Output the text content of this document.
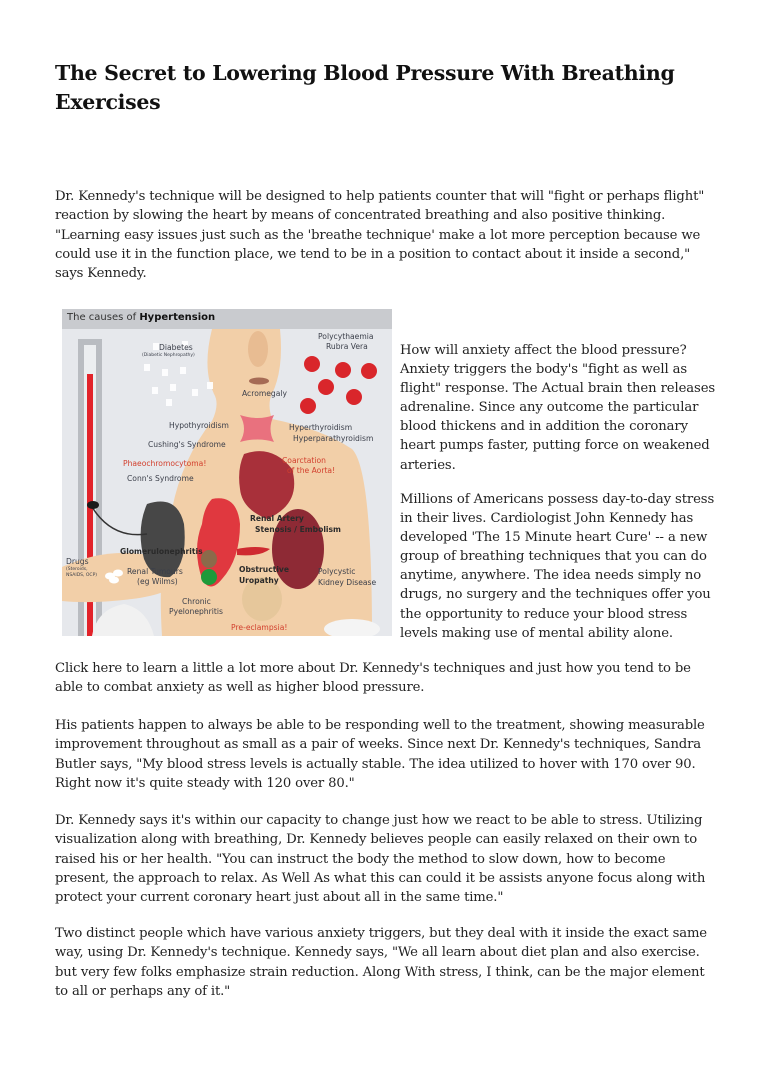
The Secret to Lowering Blood Pressure With Breathing Exercises

Dr. Kennedy's technique will be designed to help patients counter that will "fight or perhaps flight" reaction by slowing the heart by means of concentrated breathing and also positive thinking. "Learning easy issues just such as the 'breathe technique' make a lot more perception because we could use it in the function place, we tend to be in a position to contact about it inside a second," says Kennedy.

The causes of Hypertension
Diabetes
(Diabetic Nephropathy)
Polycythaemia
Rubra Vera
Acromegaly
Hypothyroidism	Hyperthyroidism
Hyperparathyroidism
Cushing's Syndrome
Phaeochromocytoma!	Coarctation
of the Aorta!
Conn's Syndrome
Renal Artery
Stenosis / Embolism
Glomerulonephritis
Drugs
(Steroids,
NSAIDS, OCP)	Renal Tumours
(eg Wilms)
Obstructive
Uropathy
Polycystic
Kidney Disease
Chronic
Pyelonephritis
Pre-eclampsia!

How will anxiety affect the blood pressure? Anxiety triggers the body's "fight as well as flight" response. The Actual brain then releases adrenaline. Since any outcome the particular blood thickens and in addition the coronary heart pumps faster, putting force on weakened arteries.

Millions of Americans possess day-to-day stress in their lives. Cardiologist John Kennedy has developed 'The 15 Minute heart Cure' -- a new group of breathing techniques that you can do anytime, anywhere. The idea needs simply no drugs, no surgery and the techniques offer you the opportunity to reduce your blood stress levels making use of mental ability alone.

Click here to learn a little a lot more about Dr. Kennedy's techniques and just how you tend to be able to combat anxiety as well as higher blood pressure.

His patients happen to always be able to be responding well to the treatment, showing measurable improvement throughout as small as a pair of weeks. Since next Dr. Kennedy's techniques, Sandra Butler says, "My blood stress levels is actually stable. The idea utilized to hover with 170 over 90. Right now it's quite steady with 120 over 80."

Dr. Kennedy says it's within our capacity to change just how we react to be able to stress. Utilizing visualization along with breathing, Dr. Kennedy believes people can easily relaxed on their own to raised his or her health. "You can instruct the body the method to slow down, how to become present, the approach to relax. As Well As what this can could it be assists anyone focus along with protect your current coronary heart just about all in the same time."

Two distinct people which have various anxiety triggers, but they deal with it inside the exact same way, using Dr. Kennedy's technique. Kennedy says, "We all learn about diet plan and also exercise. but very few folks emphasize strain reduction. Along With stress, I think, can be the major element to all or perhaps any of it."
